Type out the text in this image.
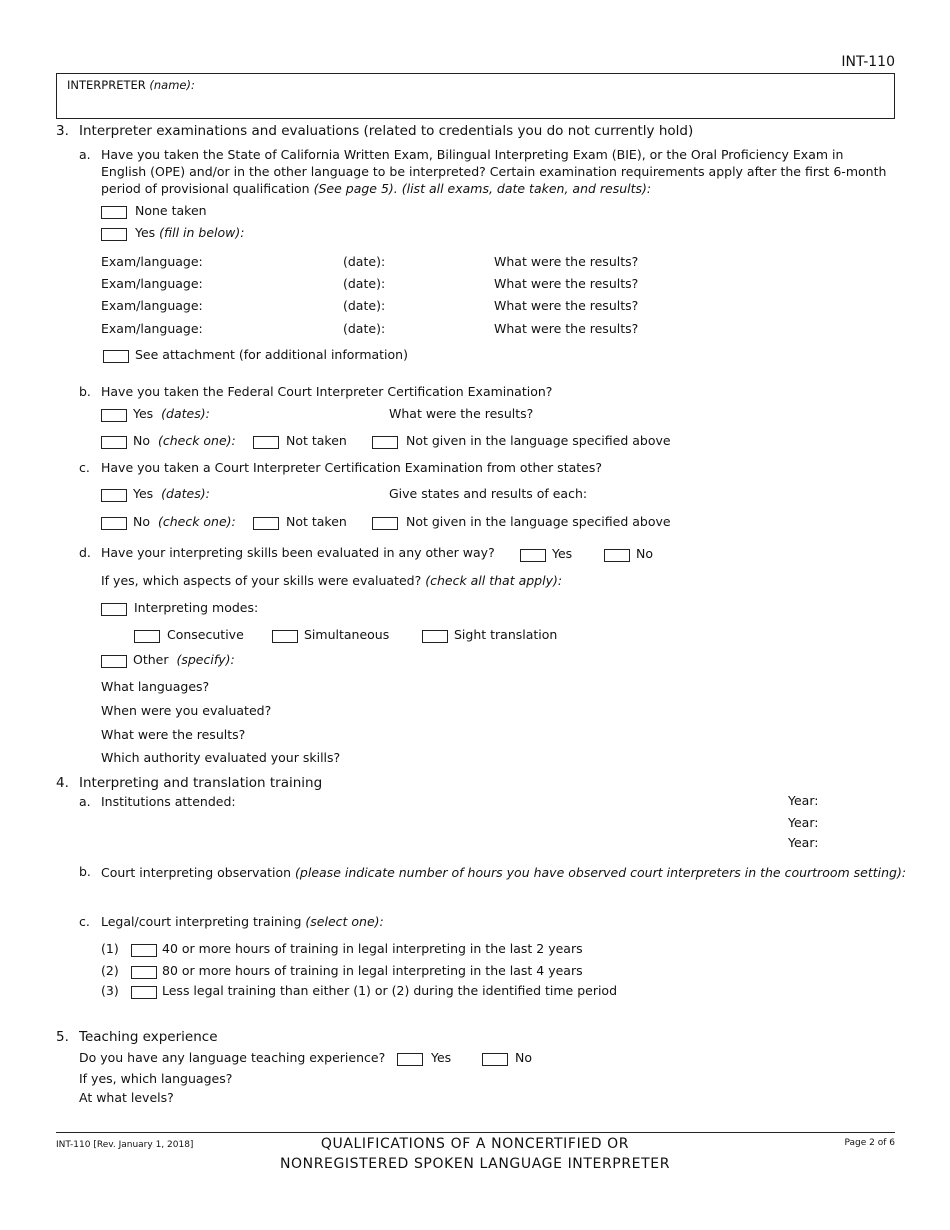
INT-110
INTERPRETER (name):
3. Interpreter examinations and evaluations (related to credentials you do not currently hold)
a. Have you taken the State of California Written Exam, Bilingual Interpreting Exam (BIE), or the Oral Proficiency Exam in English (OPE) and/or in the other language to be interpreted? Certain examination requirements apply after the first 6-month period of provisional qualification (See page 5). (list all exams, date taken, and results):
None taken
Yes (fill in below):
Exam/language:	(date):	What were the results?
Exam/language:	(date):	What were the results?
Exam/language:	(date):	What were the results?
Exam/language:	(date):	What were the results?
See attachment (for additional information)
b. Have you taken the Federal Court Interpreter Certification Examination?
Yes (dates):	What were the results?
No (check one):	Not taken	Not given in the language specified above
c. Have you taken a Court Interpreter Certification Examination from other states?
Yes (dates):	Give states and results of each:
No (check one):	Not taken	Not given in the language specified above
d. Have your interpreting skills been evaluated in any other way?	Yes	No
If yes, which aspects of your skills were evaluated? (check all that apply):
Interpreting modes:
Consecutive	Simultaneous	Sight translation
Other (specify):
What languages?
When were you evaluated?
What were the results?
Which authority evaluated your skills?
4. Interpreting and translation training
a. Institutions attended:	Year:
Year:
Year:
b. Court interpreting observation (please indicate number of hours you have observed court interpreters in the courtroom setting):
c. Legal/court interpreting training (select one):
(1)	40 or more hours of training in legal interpreting in the last 2 years
(2)	80 or more hours of training in legal interpreting in the last 4 years
(3)	Less legal training than either (1) or (2) during the identified time period
5. Teaching experience
Do you have any language teaching experience?	Yes	No
If yes, which languages?
At what levels?
INT-110 [Rev. January 1, 2018]	QUALIFICATIONS OF A NONCERTIFIED OR
NONREGISTERED SPOKEN LANGUAGE INTERPRETER
Page 2 of 6
